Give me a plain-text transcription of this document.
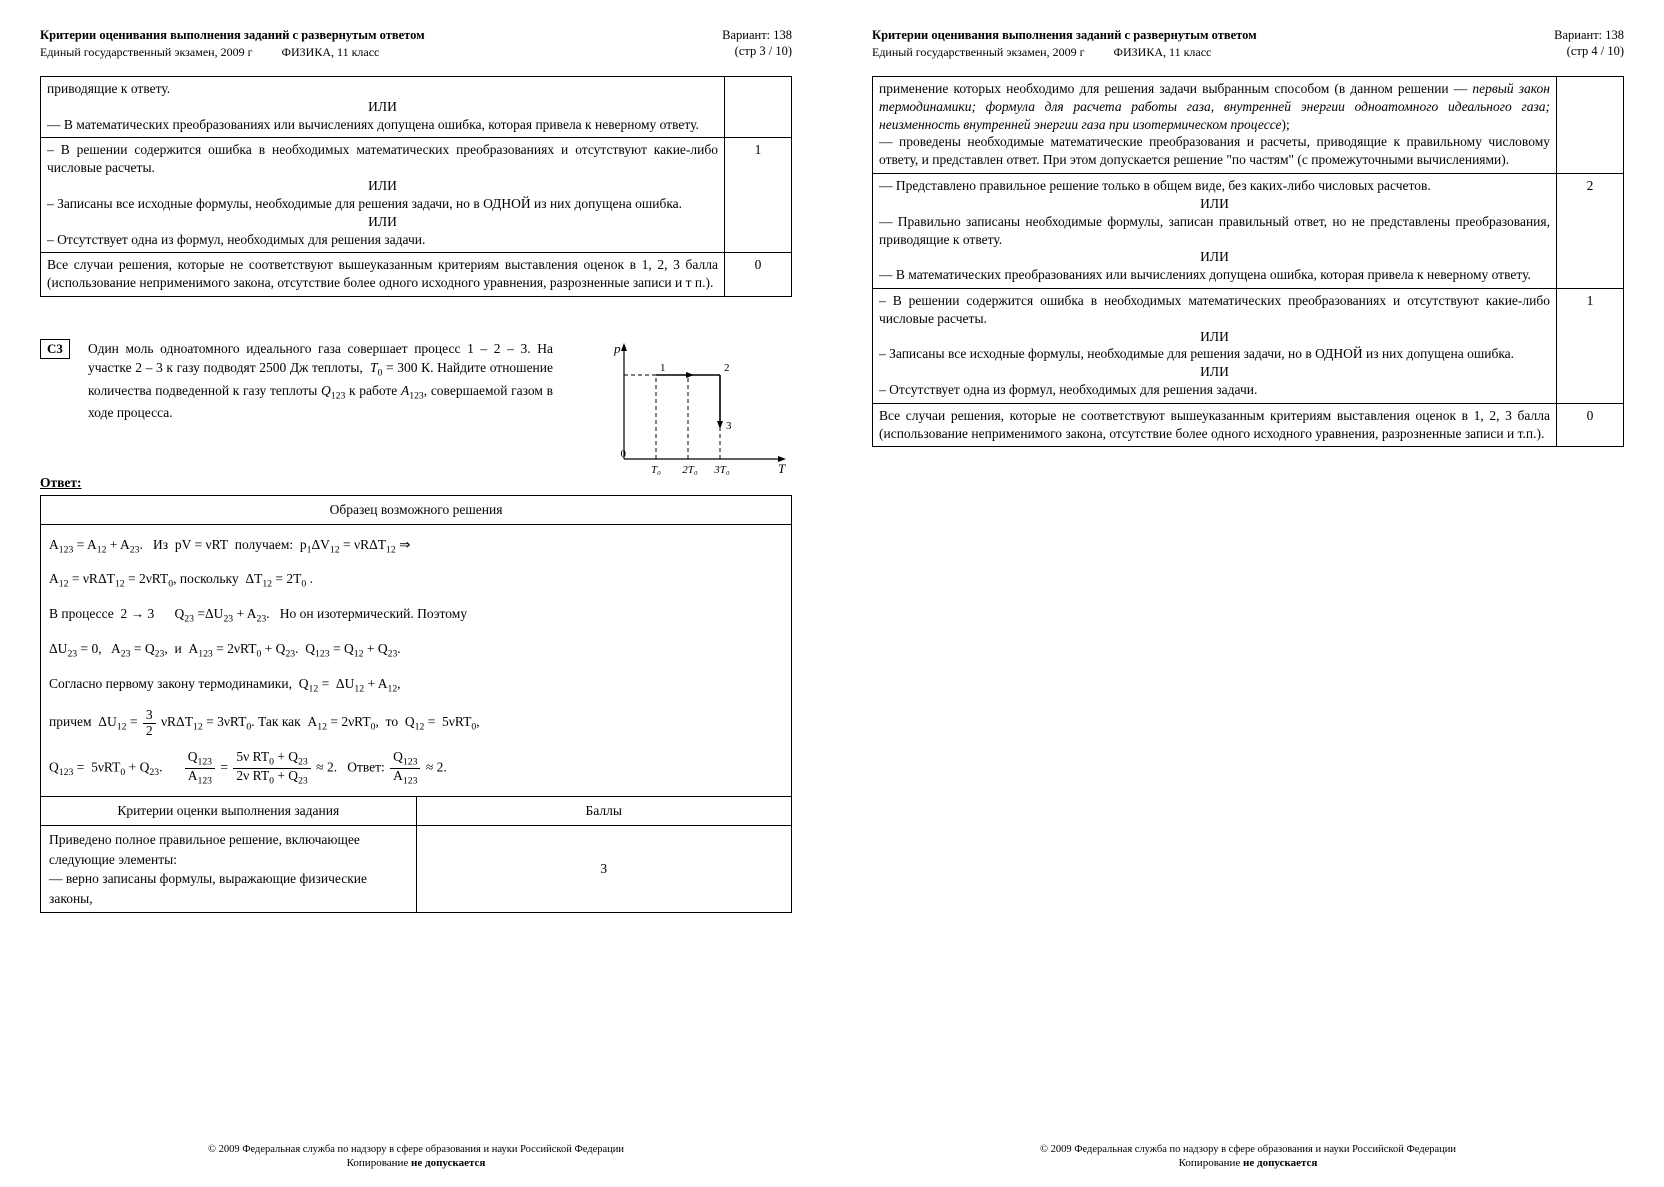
Критерии оценивания выполнения заданий с развернутым ответом
Единый государственный экзамен, 2009 г ФИЗИКА, 11 класс
Вариант: 138
(стр 3 / 10)
приводящие к ответу.
ИЛИ
— В математических преобразованиях или вычислениях допущена ошибка, которая привела к неверному ответу.	

– В решении содержится ошибка в необходимых математических преобразованиях и отсутствуют какие-либо числовые расчеты.
ИЛИ
– Записаны все исходные формулы, необходимые для решения задачи, но в ОДНОЙ из них допущена ошибка.
ИЛИ
– Отсутствует одна из формул, необходимых для решения задачи.	1

Все случаи решения, которые не соответствуют вышеуказанным критериям выставления оценок в 1, 2, 3 балла (использование неприменимого закона, отсутствие более одного исходного уравнения, разрозненные записи и т п.).	0
C3	Один моль одноатомного идеального газа совершает процесс 1 – 2 – 3. На участке 2 – 3 к газу подводят 2500 Дж теплоты,  $T_0 = 300$ К. Найдите отношение количества подведенной к газу теплоты $Q_{123}$ к работе $A_{123}$, совершаемой газом в ходе процесса.
0
p
T
T₀ 2T₀ 3T₀
1	2
3
Ответ:
Образец возможного решения	

$A_{123} = A_{12} + A_{23}$.   Из  pV = νRT  получаем:  $p_1\Delta V_{12} = \nu R\Delta T_{12}$ ⇒
$A_{12} = \nu R\Delta T_{12} = 2\nu RT_0$, поскольку  $\Delta T_{12} = 2T_0$ .
В процессе  2 → 3      $Q_{23} =\Delta U_{23} + A_{23}$.   Но он изотермический. Поэтому
$\Delta U_{23} = 0$,   $A_{23} = Q_{23}$,  и  $A_{123} = 2\nu RT_0 + Q_{23}$.  $Q_{123} = Q_{12} + Q_{23}$.
Согласно первому закону термодинамики,  $Q_{12} = \Delta U_{12} + A_{12}$,
причем  $\Delta U_{12} = \frac{3}{2} \nu R\Delta T_{12} = 3\nu RT_0$. Так как  $A_{12} = 2\nu RT_0$,  то  $Q_{12} = 5\nu RT_0$,
$Q_{123} = 5\nu RT_0 + Q_{23}$. $\frac{Q_{123}}{A_{123}} = \frac{5\nu RT_0 + Q_{23}}{2\nu RT_0 + Q_{23}} \approx 2$.   Ответ: $\frac{Q_{123}}{A_{123}} \approx 2$.

Критерии оценки выполнения задания	Баллы
Приведено полное правильное решение, включающее следующие элементы:
— верно записаны формулы, выражающие физические законы,	3
© 2009 Федеральная служба по надзору в сфере образования и науки Российской Федерации
Копирование не допускается
Критерии оценивания выполнения заданий с развернутым ответом
Единый государственный экзамен, 2009 г ФИЗИКА, 11 класс
Вариант: 138
(стр 4 / 10)
применение которых необходимо для решения задачи выбранным способом (в данном решении — первый закон термодинамики; формула для расчета работы газа, внутренней энергии одноатомного идеального газа; неизменность внутренней энергии газа при изотермическом процессе);
— проведены необходимые математические преобразования и расчеты, приводящие к правильному числовому ответу, и представлен ответ. При этом допускается решение "по частям" (с промежуточными вычислениями).	

— Представлено правильное решение только в общем виде, без каких-либо числовых расчетов.
ИЛИ
— Правильно записаны необходимые формулы, записан правильный ответ, но не представлены преобразования, приводящие к ответу.
ИЛИ
— В математических преобразованиях или вычислениях допущена ошибка, которая привела к неверному ответу.	2

– В решении содержится ошибка в необходимых математических преобразованиях и отсутствуют какие-либо числовые расчеты.
ИЛИ
– Записаны все исходные формулы, необходимые для решения задачи, но в ОДНОЙ из них допущена ошибка.
ИЛИ
– Отсутствует одна из формул, необходимых для решения задачи.	1

Все случаи решения, которые не соответствуют вышеуказанным критериям выставления оценок в 1, 2, 3 балла (использование неприменимого закона, отсутствие более одного исходного уравнения, разрозненные записи и т.п.).	0
© 2009 Федеральная служба по надзору в сфере образования и науки Российской Федерации
Копирование не допускается
